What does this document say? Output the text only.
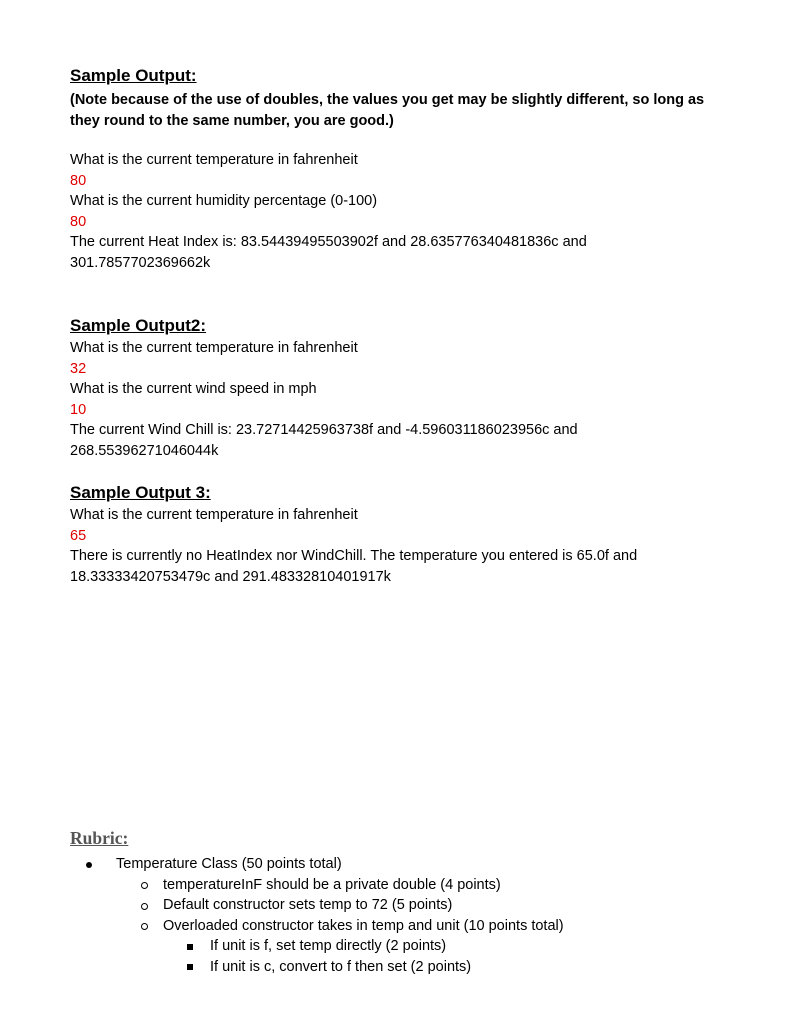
Sample Output:

(Note because of the use of doubles, the values you get may be slightly different, so long as they round to the same number, you are good.)

What is the current temperature in fahrenheit

80

What is the current humidity percentage (0-100)

80

The current Heat Index is: 83.54439495503902f and 28.635776340481836c and

301.7857702369662k

Sample Output2:

What is the current temperature in fahrenheit

32

What is the current wind speed in mph

10

The current Wind Chill is: 23.72714425963738f and -4.596031186023956c and

268.55396271046044k

Sample Output 3:

What is the current temperature in fahrenheit

65

There is currently no HeatIndex nor WindChill. The temperature you entered is 65.0f and

18.33333420753479c and 291.48332810401917k

Rubric:

Temperature Class (50 points total)

temperatureInF should be a private double (4 points)

Default constructor sets temp to 72 (5 points)

Overloaded constructor takes in temp and unit (10 points total)

If unit is f, set temp directly (2 points)

If unit is c, convert to f then set (2 points)
